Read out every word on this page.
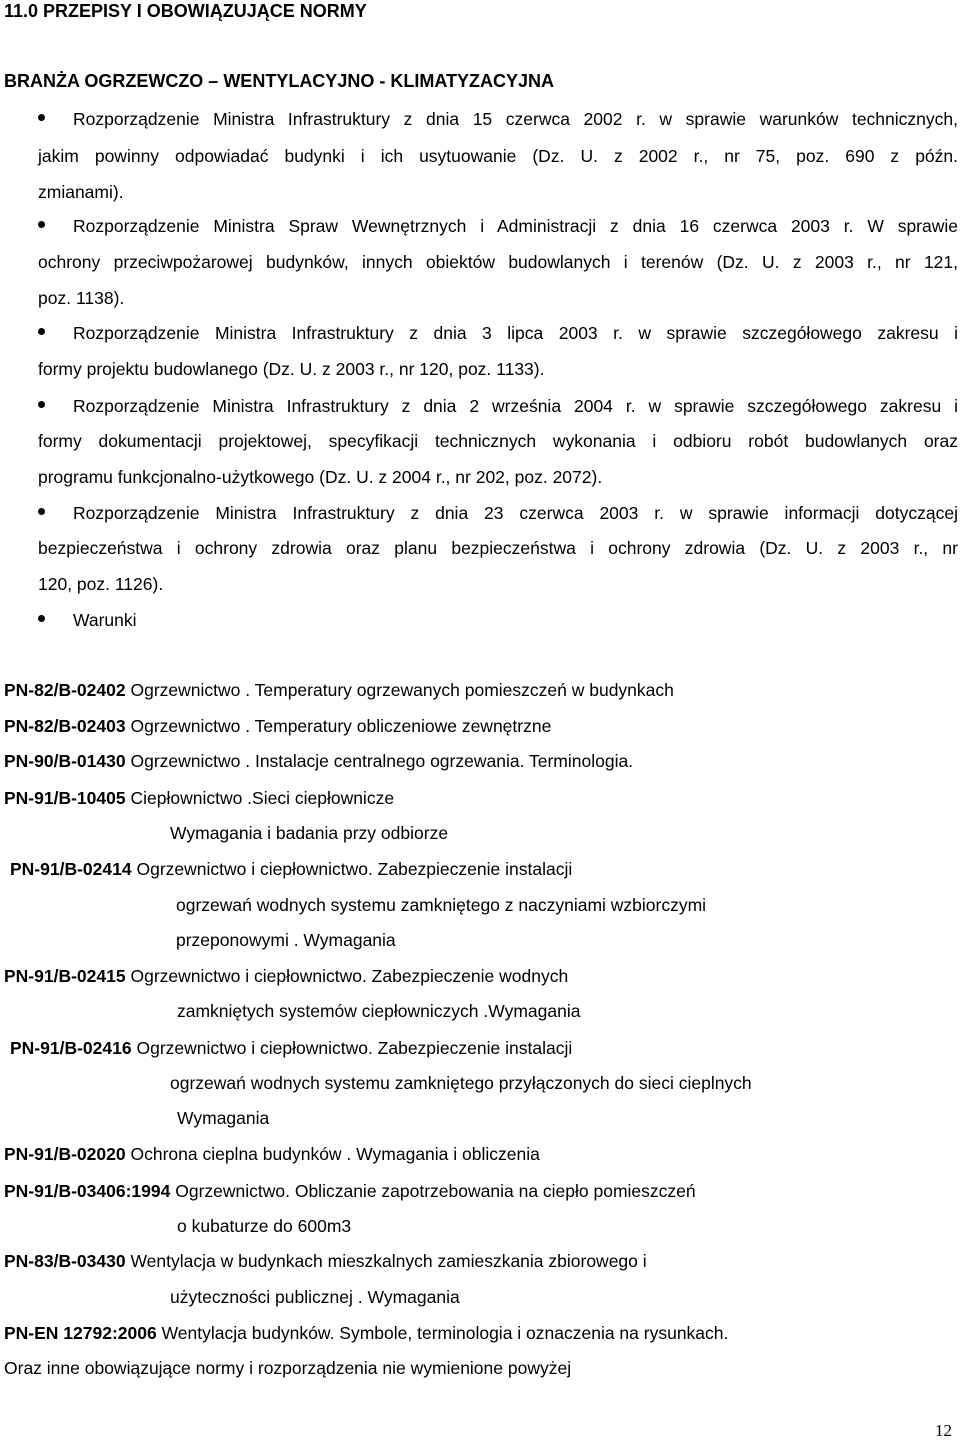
11.0 PRZEPISY I OBOWIĄZUJĄCE NORMY
BRANŻA OGRZEWCZO – WENTYLACYJNO - KLIMATYZACYJNA
Rozporządzenie Ministra Infrastruktury z dnia 15 czerwca 2002 r. w sprawie warunków technicznych,
jakim powinny odpowiadać budynki i ich usytuowanie (Dz. U. z 2002 r., nr 75, poz. 690 z późn.
zmianami).
Rozporządzenie Ministra Spraw Wewnętrznych i Administracji z dnia 16 czerwca 2003 r. W sprawie
ochrony przeciwpożarowej budynków, innych obiektów budowlanych i terenów (Dz. U. z 2003 r., nr 121,
poz. 1138).
Rozporządzenie Ministra Infrastruktury z dnia 3 lipca 2003 r. w sprawie szczegółowego zakresu i
formy projektu budowlanego (Dz. U. z 2003 r., nr 120, poz. 1133).
Rozporządzenie Ministra Infrastruktury z dnia 2 września 2004 r. w sprawie szczegółowego zakresu i
formy dokumentacji projektowej, specyfikacji technicznych wykonania i odbioru robót budowlanych oraz
programu funkcjonalno-użytkowego (Dz. U. z 2004 r., nr 202, poz. 2072).
Rozporządzenie Ministra Infrastruktury z dnia 23 czerwca 2003 r. w sprawie informacji dotyczącej
bezpieczeństwa i ochrony zdrowia oraz planu bezpieczeństwa i ochrony zdrowia (Dz. U. z 2003 r., nr
120, poz. 1126).
Warunki
PN-82/B-02402 Ogrzewnictwo . Temperatury ogrzewanych pomieszczeń w budynkach
PN-82/B-02403 Ogrzewnictwo . Temperatury obliczeniowe zewnętrzne
PN-90/B-01430 Ogrzewnictwo . Instalacje centralnego ogrzewania. Terminologia.
PN-91/B-10405 Ciepłownictwo .Sieci ciepłownicze
Wymagania i badania przy odbiorze
PN-91/B-02414 Ogrzewnictwo i ciepłownictwo. Zabezpieczenie instalacji
ogrzewań wodnych systemu zamkniętego z naczyniami wzbiorczymi
przeponowymi . Wymagania
PN-91/B-02415 Ogrzewnictwo i ciepłownictwo. Zabezpieczenie wodnych
zamkniętych systemów ciepłowniczych .Wymagania
PN-91/B-02416 Ogrzewnictwo i ciepłownictwo. Zabezpieczenie instalacji
ogrzewań wodnych systemu zamkniętego przyłączonych do sieci cieplnych
Wymagania
PN-91/B-02020 Ochrona cieplna budynków . Wymagania i obliczenia
PN-91/B-03406:1994 Ogrzewnictwo. Obliczanie zapotrzebowania na ciepło pomieszczeń
o kubaturze do 600m3
PN-83/B-03430 Wentylacja w budynkach mieszkalnych zamieszkania zbiorowego i
użyteczności publicznej . Wymagania
PN-EN 12792:2006 Wentylacja budynków. Symbole, terminologia i oznaczenia na rysunkach.
Oraz inne obowiązujące normy i rozporządzenia nie wymienione powyżej
12
